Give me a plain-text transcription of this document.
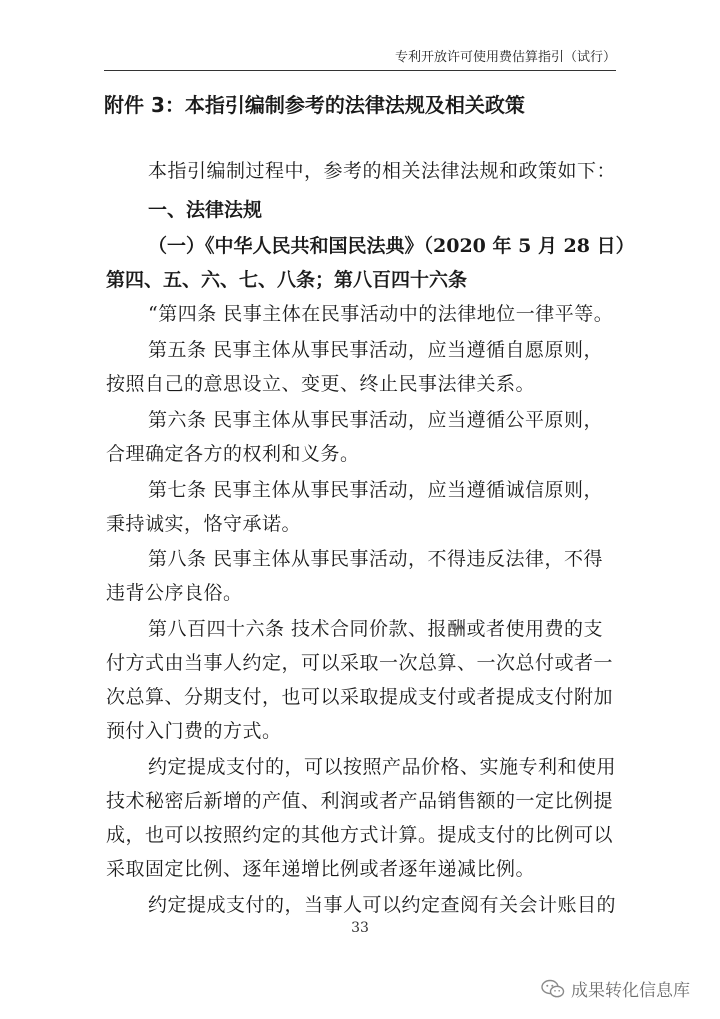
专利开放许可使用费估算指引（试行）
附件 3：本指引编制参考的法律法规及相关政策
本指引编制过程中，参考的相关法律法规和政策如下：
一、法律法规
（一）《中华人民共和国民法典》（2020 年 5 月 28 日）
第四、五、六、七、八条；第八百四十六条
“第四条 民事主体在民事活动中的法律地位一律平等。
第五条 民事主体从事民事活动，应当遵循自愿原则，
按照自己的意思设立、变更、终止民事法律关系。
第六条 民事主体从事民事活动，应当遵循公平原则，
合理确定各方的权利和义务。
第七条 民事主体从事民事活动，应当遵循诚信原则，
秉持诚实，恪守承诺。
第八条 民事主体从事民事活动，不得违反法律，不得
违背公序良俗。
第八百四十六条 技术合同价款、报酬或者使用费的支
付方式由当事人约定，可以采取一次总算、一次总付或者一
次总算、分期支付，也可以采取提成支付或者提成支付附加
预付入门费的方式。
约定提成支付的，可以按照产品价格、实施专利和使用
技术秘密后新增的产值、利润或者产品销售额的一定比例提
成，也可以按照约定的其他方式计算。提成支付的比例可以
采取固定比例、逐年递增比例或者逐年递减比例。
约定提成支付的，当事人可以约定查阅有关会计账目的
33
成果转化信息库
